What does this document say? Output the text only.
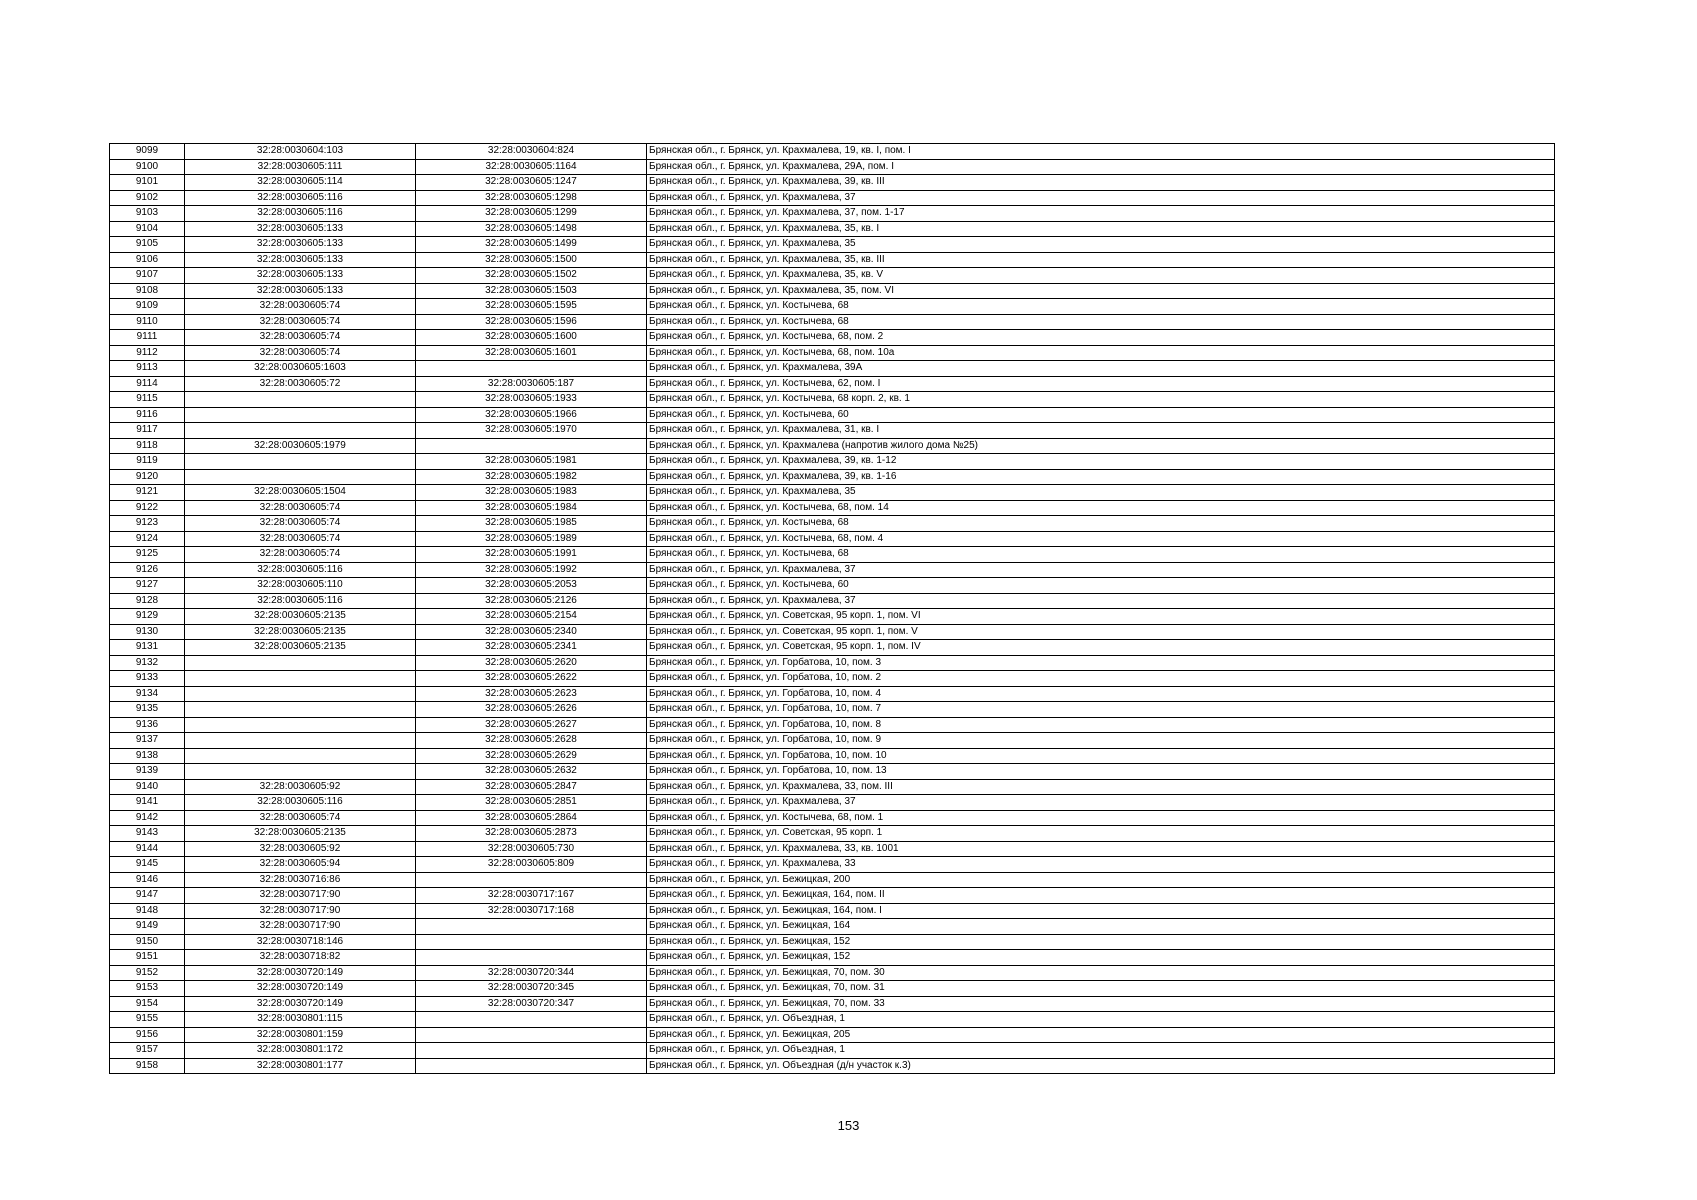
9099	32:28:0030604:103	32:28:0030604:824	Брянская обл., г. Брянск, ул. Крахмалева, 19, кв. I, пом. I
9100	32:28:0030605:111	32:28:0030605:1164	Брянская обл., г. Брянск, ул. Крахмалева, 29А, пом. I
9101	32:28:0030605:114	32:28:0030605:1247	Брянская обл., г. Брянск, ул. Крахмалева, 39, кв. III
9102	32:28:0030605:116	32:28:0030605:1298	Брянская обл., г. Брянск, ул. Крахмалева, 37
9103	32:28:0030605:116	32:28:0030605:1299	Брянская обл., г. Брянск, ул. Крахмалева, 37, пом. 1-17
9104	32:28:0030605:133	32:28:0030605:1498	Брянская обл., г. Брянск, ул. Крахмалева, 35, кв. I
9105	32:28:0030605:133	32:28:0030605:1499	Брянская обл., г. Брянск, ул. Крахмалева, 35
9106	32:28:0030605:133	32:28:0030605:1500	Брянская обл., г. Брянск, ул. Крахмалева, 35, кв. III
9107	32:28:0030605:133	32:28:0030605:1502	Брянская обл., г. Брянск, ул. Крахмалева, 35, кв. V
9108	32:28:0030605:133	32:28:0030605:1503	Брянская обл., г. Брянск, ул. Крахмалева, 35, пом. VI
9109	32:28:0030605:74	32:28:0030605:1595	Брянская обл., г. Брянск, ул. Костычева, 68
9110	32:28:0030605:74	32:28:0030605:1596	Брянская обл., г. Брянск, ул. Костычева, 68
9111	32:28:0030605:74	32:28:0030605:1600	Брянская обл., г. Брянск, ул. Костычева, 68, пом. 2
9112	32:28:0030605:74	32:28:0030605:1601	Брянская обл., г. Брянск, ул. Костычева, 68, пом. 10а
9113	32:28:0030605:1603		Брянская обл., г. Брянск, ул. Крахмалева, 39А
9114	32:28:0030605:72	32:28:0030605:187	Брянская обл., г. Брянск, ул. Костычева, 62, пом. I
9115		32:28:0030605:1933	Брянская обл., г. Брянск, ул. Костычева, 68 корп. 2, кв. 1
9116		32:28:0030605:1966	Брянская обл., г. Брянск, ул. Костычева, 60
9117		32:28:0030605:1970	Брянская обл., г. Брянск, ул. Крахмалева, 31, кв. I
9118	32:28:0030605:1979		Брянская обл., г. Брянск, ул. Крахмалева (напротив жилого дома №25)
9119		32:28:0030605:1981	Брянская обл., г. Брянск, ул. Крахмалева, 39, кв. 1-12
9120		32:28:0030605:1982	Брянская обл., г. Брянск, ул. Крахмалева, 39, кв. 1-16
9121	32:28:0030605:1504	32:28:0030605:1983	Брянская обл., г. Брянск, ул. Крахмалева, 35
9122	32:28:0030605:74	32:28:0030605:1984	Брянская обл., г. Брянск, ул. Костычева, 68, пом. 14
9123	32:28:0030605:74	32:28:0030605:1985	Брянская обл., г. Брянск, ул. Костычева, 68
9124	32:28:0030605:74	32:28:0030605:1989	Брянская обл., г. Брянск, ул. Костычева, 68, пом. 4
9125	32:28:0030605:74	32:28:0030605:1991	Брянская обл., г. Брянск, ул. Костычева, 68
9126	32:28:0030605:116	32:28:0030605:1992	Брянская обл., г. Брянск, ул. Крахмалева, 37
9127	32:28:0030605:110	32:28:0030605:2053	Брянская обл., г. Брянск, ул. Костычева, 60
9128	32:28:0030605:116	32:28:0030605:2126	Брянская обл., г. Брянск, ул. Крахмалева, 37
9129	32:28:0030605:2135	32:28:0030605:2154	Брянская обл., г. Брянск, ул. Советская, 95 корп. 1, пом. VI
9130	32:28:0030605:2135	32:28:0030605:2340	Брянская обл., г. Брянск, ул. Советская, 95 корп. 1, пом. V
9131	32:28:0030605:2135	32:28:0030605:2341	Брянская обл., г. Брянск, ул. Советская, 95 корп. 1, пом. IV
9132		32:28:0030605:2620	Брянская обл., г. Брянск, ул. Горбатова, 10, пом. 3
9133		32:28:0030605:2622	Брянская обл., г. Брянск, ул. Горбатова, 10, пом. 2
9134		32:28:0030605:2623	Брянская обл., г. Брянск, ул. Горбатова, 10, пом. 4
9135		32:28:0030605:2626	Брянская обл., г. Брянск, ул. Горбатова, 10, пом. 7
9136		32:28:0030605:2627	Брянская обл., г. Брянск, ул. Горбатова, 10, пом. 8
9137		32:28:0030605:2628	Брянская обл., г. Брянск, ул. Горбатова, 10, пом. 9
9138		32:28:0030605:2629	Брянская обл., г. Брянск, ул. Горбатова, 10, пом. 10
9139		32:28:0030605:2632	Брянская обл., г. Брянск, ул. Горбатова, 10, пом. 13
9140	32:28:0030605:92	32:28:0030605:2847	Брянская обл., г. Брянск, ул. Крахмалева, 33, пом. III
9141	32:28:0030605:116	32:28:0030605:2851	Брянская обл., г. Брянск, ул. Крахмалева, 37
9142	32:28:0030605:74	32:28:0030605:2864	Брянская обл., г. Брянск, ул. Костычева, 68, пом. 1
9143	32:28:0030605:2135	32:28:0030605:2873	Брянская обл., г. Брянск, ул. Советская, 95 корп. 1
9144	32:28:0030605:92	32:28:0030605:730	Брянская обл., г. Брянск, ул. Крахмалева, 33, кв. 1001
9145	32:28:0030605:94	32:28:0030605:809	Брянская обл., г. Брянск, ул. Крахмалева, 33
9146	32:28:0030716:86		Брянская обл., г. Брянск, ул. Бежицкая, 200
9147	32:28:0030717:90	32:28:0030717:167	Брянская обл., г. Брянск, ул. Бежицкая, 164, пом. II
9148	32:28:0030717:90	32:28:0030717:168	Брянская обл., г. Брянск, ул. Бежицкая, 164, пом. I
9149	32:28:0030717:90		Брянская обл., г. Брянск, ул. Бежицкая, 164
9150	32:28:0030718:146		Брянская обл., г. Брянск, ул. Бежицкая, 152
9151	32:28:0030718:82		Брянская обл., г. Брянск, ул. Бежицкая, 152
9152	32:28:0030720:149	32:28:0030720:344	Брянская обл., г. Брянск, ул. Бежицкая, 70, пом. 30
9153	32:28:0030720:149	32:28:0030720:345	Брянская обл., г. Брянск, ул. Бежицкая, 70, пом. 31
9154	32:28:0030720:149	32:28:0030720:347	Брянская обл., г. Брянск, ул. Бежицкая, 70, пом. 33
9155	32:28:0030801:115		Брянская обл., г. Брянск, ул. Объездная, 1
9156	32:28:0030801:159		Брянская обл., г. Брянск, ул. Бежицкая, 205
9157	32:28:0030801:172		Брянская обл., г. Брянск, ул. Объездная, 1
9158	32:28:0030801:177		Брянская обл., г. Брянск, ул. Объездная (д/н участок к.3)
153
